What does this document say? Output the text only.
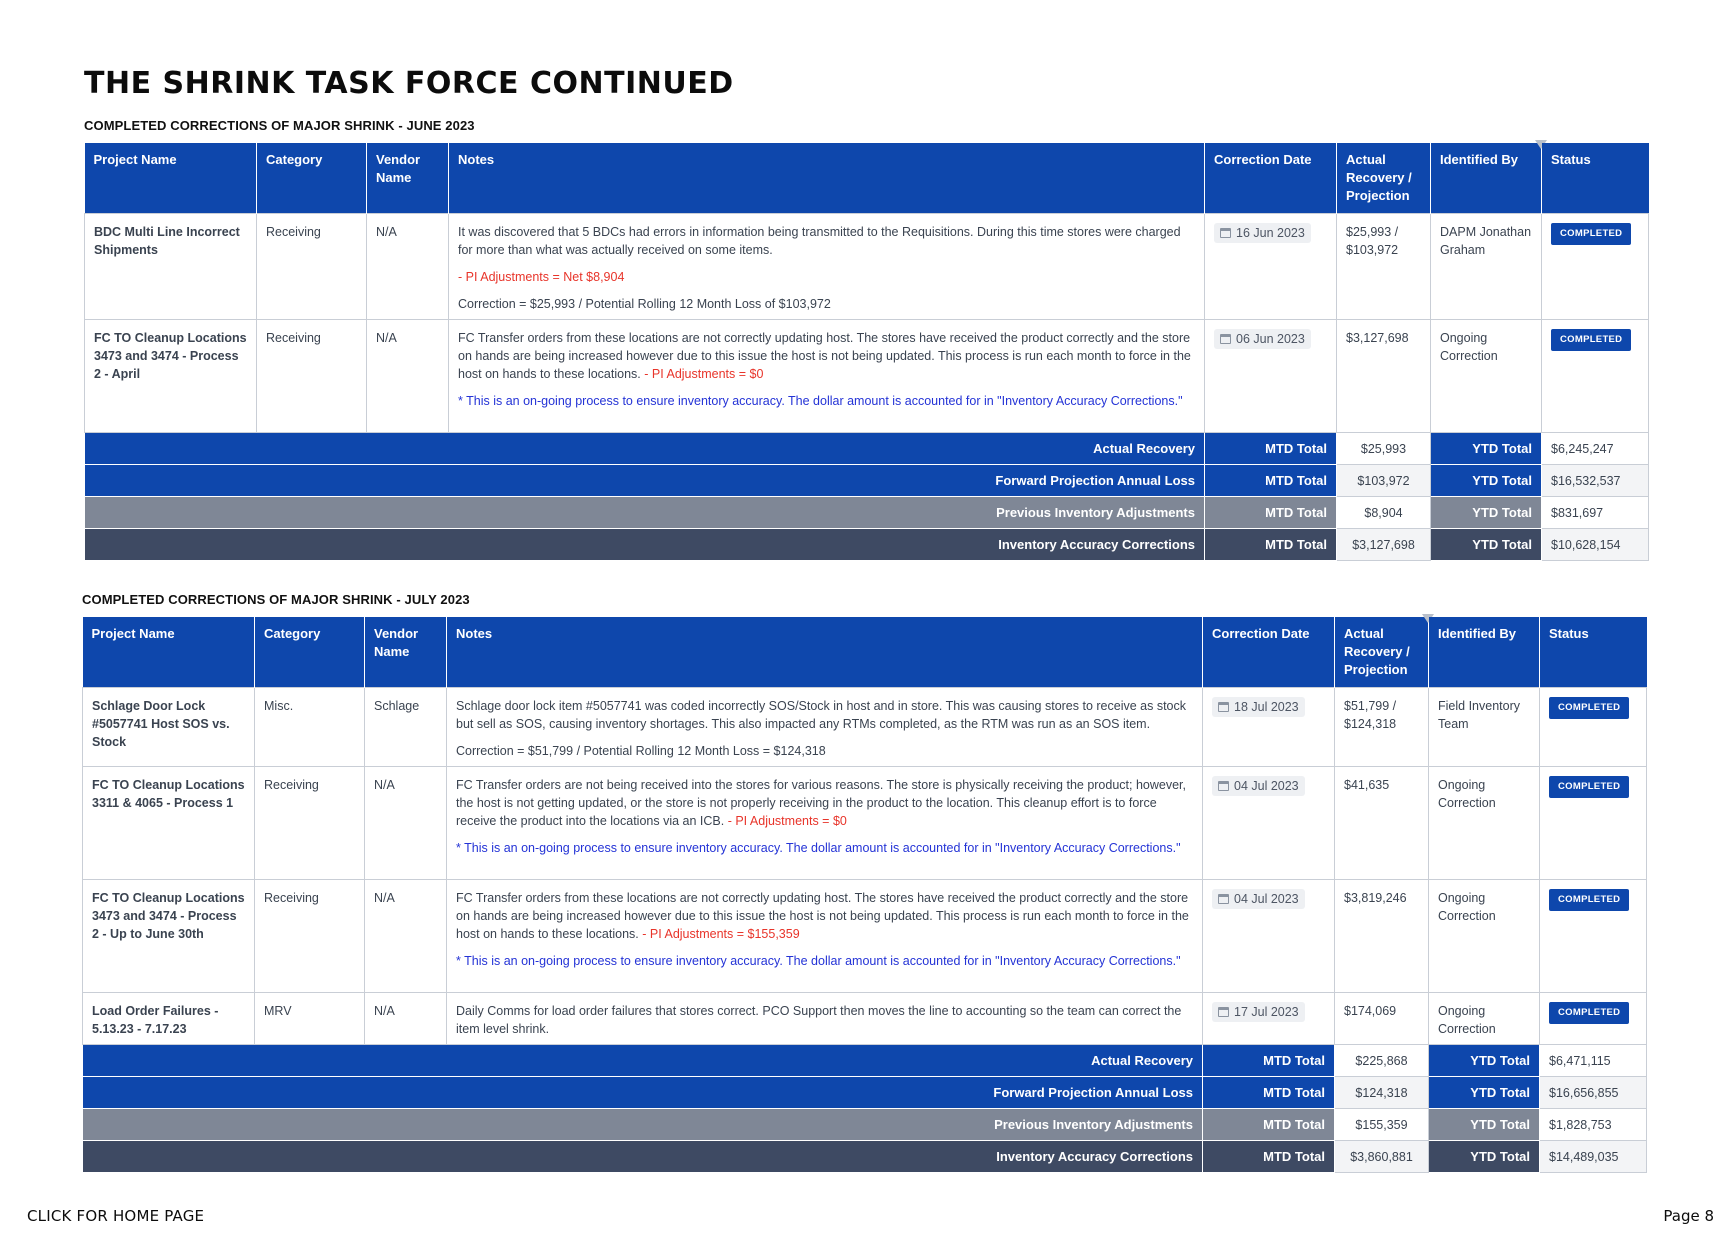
THE SHRINK TASK FORCE CONTINUED
COMPLETED CORRECTIONS OF MAJOR SHRINK - JUNE 2023
Project Name	Category	Vendor Name	Notes	Correction Date	Actual Recovery / Projection	Identified By	Status
BDC Multi Line Incorrect Shipments	Receiving	N/A	It was discovered that 5 BDCs had errors in information being transmitted to the Requisitions. During this time stores were charged for more than what was actually received on some items.
- PI Adjustments = Net $8,904
Correction = $25,993 / Potential Rolling 12 Month Loss of $103,972	16 Jun 2023	$25,993 / $103,972	DAPM Jonathan Graham	COMPLETED
FC TO Cleanup Locations 3473 and 3474 - Process 2 - April	Receiving	N/A	FC Transfer orders from these locations are not correctly updating host. The stores have received the product correctly and the store on hands are being increased however due to this issue the host is not being updated. This process is run each month to force in the host on hands to these locations. - PI Adjustments = $0
* This is an on-going process to ensure inventory accuracy. The dollar amount is accounted for in "Inventory Accuracy Corrections."	06 Jun 2023	$3,127,698	Ongoing Correction	COMPLETED
Actual Recovery				MTD Total	$25,993	YTD Total	$6,245,247
Forward Projection Annual Loss				MTD Total	$103,972	YTD Total	$16,532,537
Previous Inventory Adjustments				MTD Total	$8,904	YTD Total	$831,697
Inventory Accuracy Corrections				MTD Total	$3,127,698	YTD Total	$10,628,154
COMPLETED CORRECTIONS OF MAJOR SHRINK - JULY 2023
Project Name	Category	Vendor Name	Notes	Correction Date	Actual Recovery / Projection	Identified By	Status
Schlage Door Lock #5057741 Host SOS vs. Stock	Misc.	Schlage	Schlage door lock item #5057741 was coded incorrectly SOS/Stock in host and in store. This was causing stores to receive as stock but sell as SOS, causing inventory shortages. This also impacted any RTMs completed, as the RTM was run as an SOS item.
Correction = $51,799 / Potential Rolling 12 Month Loss = $124,318	18 Jul 2023	$51,799 / $124,318	Field Inventory Team	COMPLETED
FC TO Cleanup Locations 3311 & 4065 - Process 1	Receiving	N/A	FC Transfer orders are not being received into the stores for various reasons. The store is physically receiving the product; however, the host is not getting updated, or the store is not properly receiving in the product to the location. This cleanup effort is to force receive the product into the locations via an ICB. - PI Adjustments = $0
* This is an on-going process to ensure inventory accuracy. The dollar amount is accounted for in "Inventory Accuracy Corrections."	04 Jul 2023	$41,635	Ongoing Correction	COMPLETED
FC TO Cleanup Locations 3473 and 3474 - Process 2 - Up to June 30th	Receiving	N/A	FC Transfer orders from these locations are not correctly updating host. The stores have received the product correctly and the store on hands are being increased however due to this issue the host is not being updated. This process is run each month to force in the host on hands to these locations. - PI Adjustments = $155,359
* This is an on-going process to ensure inventory accuracy. The dollar amount is accounted for in "Inventory Accuracy Corrections."	04 Jul 2023	$3,819,246	Ongoing Correction	COMPLETED
Load Order Failures - 5.13.23 - 7.17.23	MRV	N/A	Daily Comms for load order failures that stores correct. PCO Support then moves the line to accounting so the team can correct the item level shrink.	17 Jul 2023	$174,069	Ongoing Correction	COMPLETED
Actual Recovery				MTD Total	$225,868	YTD Total	$6,471,115
Forward Projection Annual Loss				MTD Total	$124,318	YTD Total	$16,656,855
Previous Inventory Adjustments				MTD Total	$155,359	YTD Total	$1,828,753
Inventory Accuracy Corrections				MTD Total	$3,860,881	YTD Total	$14,489,035
CLICK FOR HOME PAGE	Page 8
